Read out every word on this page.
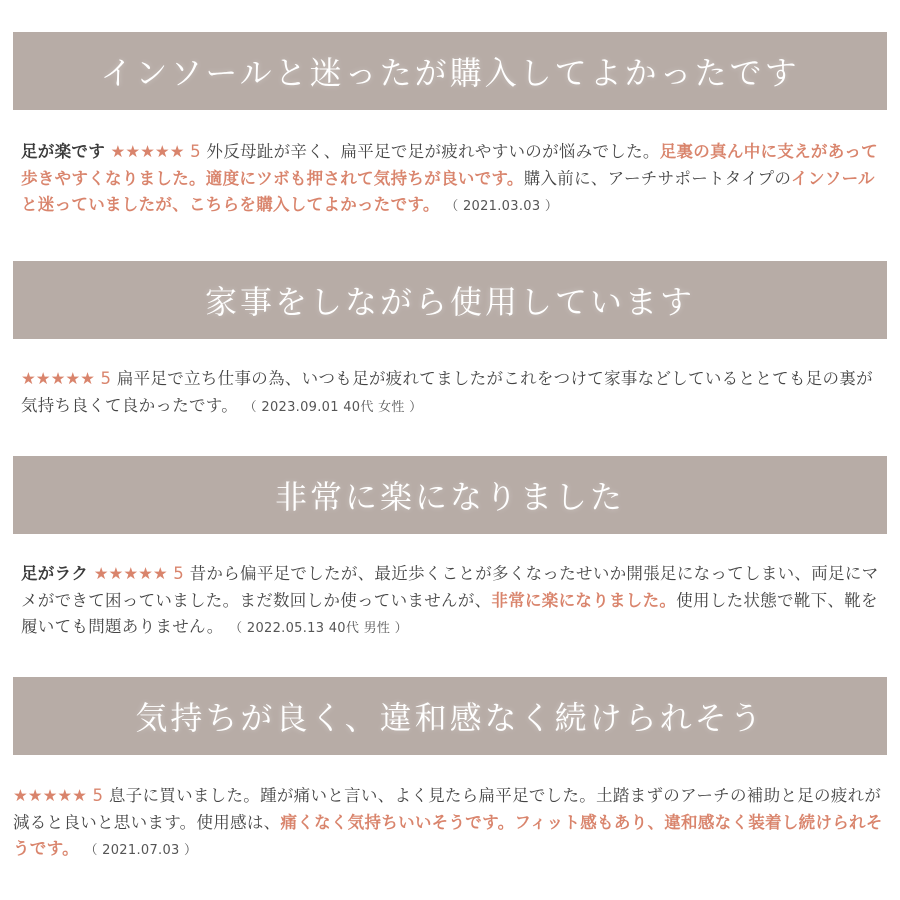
インソールと迷ったが購入してよかったです
足が楽です ★★★★★ 5 外反母趾が辛く、扁平足で足が疲れやすいのが悩みでした。足裏の真ん中に支えがあって歩きやすくなりました。適度にツボも押されて気持ちが良いです。購入前に、アーチサポートタイプのインソールと迷っていましたが、こちらを購入してよかったです。 （ 2021.03.03 ）
家事をしながら使用しています
★★★★★ 5 扁平足で立ち仕事の為、いつも足が疲れてましたがこれをつけて家事などしているととても足の裏が気持ち良くて良かったです。 （ 2023.09.01 40代 女性 ）
非常に楽になりました
足がラク ★★★★★ 5 昔から偏平足でしたが、最近歩くことが多くなったせいか開張足になってしまい、両足にマメができて困っていました。まだ数回しか使っていませんが、非常に楽になりました。使用した状態で靴下、靴を履いても問題ありません。 （ 2022.05.13 40代 男性 ）
気持ちが良く、違和感なく続けられそう
★★★★★ 5 息子に買いました。踵が痛いと言い、よく見たら扁平足でした。土踏まずのアーチの補助と足の疲れが減ると良いと思います。使用感は、痛くなく気持ちいいそうです。フィット感もあり、違和感なく装着し続けられそうです。 （ 2021.07.03 ）
